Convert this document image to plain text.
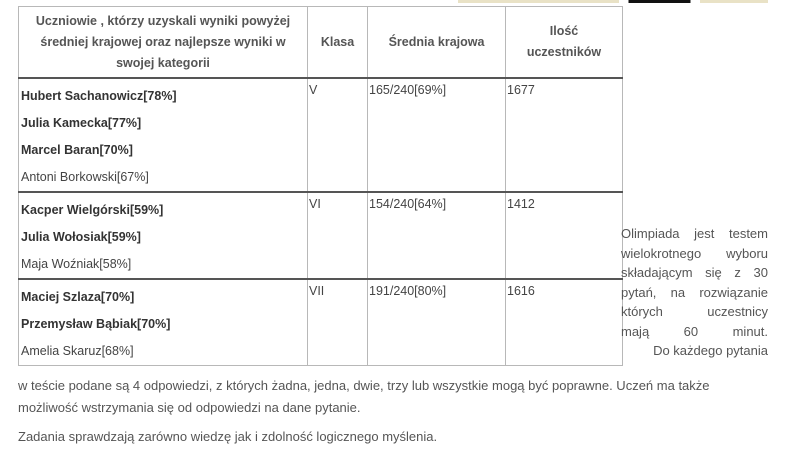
Uczniowie , którzy uzyskali wyniki powyżej średniej krajowej oraz najlepsze wyniki w swojej kategorii	Klasa	Średnia krajowa	Ilość uczestników

Hubert Sachanowicz[78%]
Julia Kamecka[77%]
Marcel Baran[70%]
Antoni Borkowski[67%]	V	165/240[69%]	1677

Kacper Wielgórski[59%]
Julia Wołosiak[59%]
Maja Woźniak[58%]	VI	154/240[64%]	1412

Maciej Szlaza[70%]
Przemysław Bąbiak[70%]
Amelia Skaruz[68%]	VII	191/240[80%]	1616

Olimpiada jest testem
wielokrotnego wyboru
składającym się z 30
pytań, na rozwiązanie
których uczestnicy
mają 60 minut.
Do każdego pytania

w teście podane są 4 odpowiedzi, z których żadna, jedna, dwie, trzy lub wszystkie mogą być poprawne. Uczeń ma także możliwość wstrzymania się od odpowiedzi na dane pytanie.

Zadania sprawdzają zarówno wiedzę jak i zdolność logicznego myślenia.
